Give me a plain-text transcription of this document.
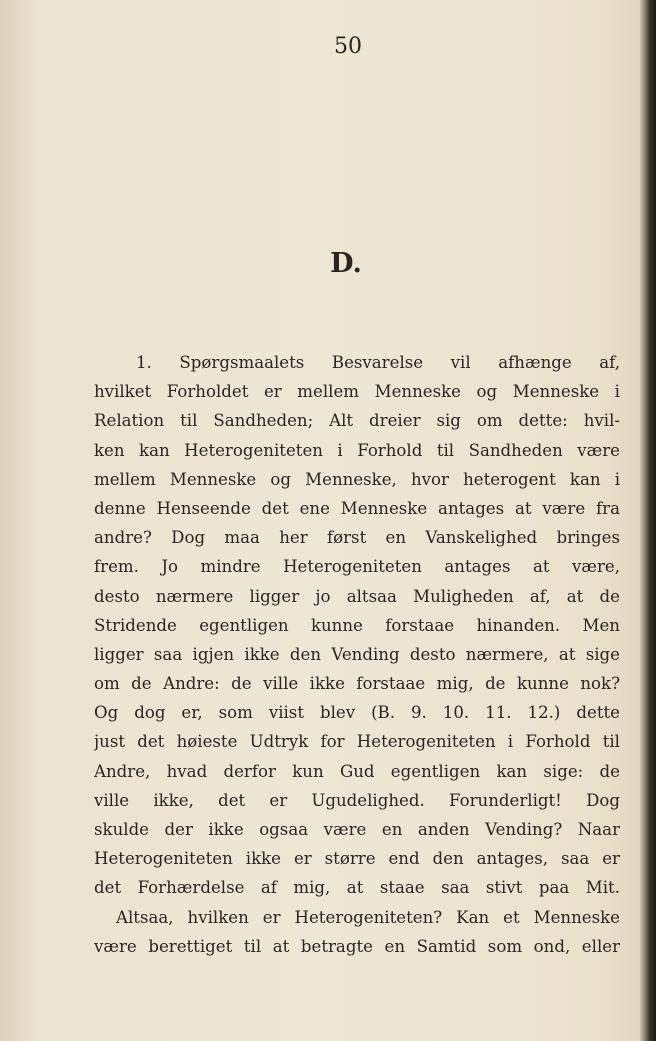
50
D.
1. Spørgsmaalets Besvarelse vil afhænge af,
hvilket Forholdet er mellem Menneske og Menneske i
Relation til Sandheden; Alt dreier sig om dette: hvil-
ken kan Heterogeniteten i Forhold til Sandheden være
mellem Menneske og Menneske, hvor heterogent kan i
denne Henseende det ene Menneske antages at være fra
andre? Dog maa her først en Vanskelighed bringes
frem. Jo mindre Heterogeniteten antages at være,
desto nærmere ligger jo altsaa Muligheden af, at de
Stridende egentligen kunne forstaae hinanden. Men
ligger saa igjen ikke den Vending desto nærmere, at sige
om de Andre: de ville ikke forstaae mig, de kunne nok?
Og dog er, som viist blev (B. 9. 10. 11. 12.) dette
just det høieste Udtryk for Heterogeniteten i Forhold til
Andre, hvad derfor kun Gud egentligen kan sige: de
ville ikke, det er Ugudelighed. Forunderligt! Dog
skulde der ikke ogsaa være en anden Vending? Naar
Heterogeniteten ikke er større end den antages, saa er
det Forhærdelse af mig, at staae saa stivt paa Mit.
Altsaa, hvilken er Heterogeniteten? Kan et Menneske
være berettiget til at betragte en Samtid som ond, eller
